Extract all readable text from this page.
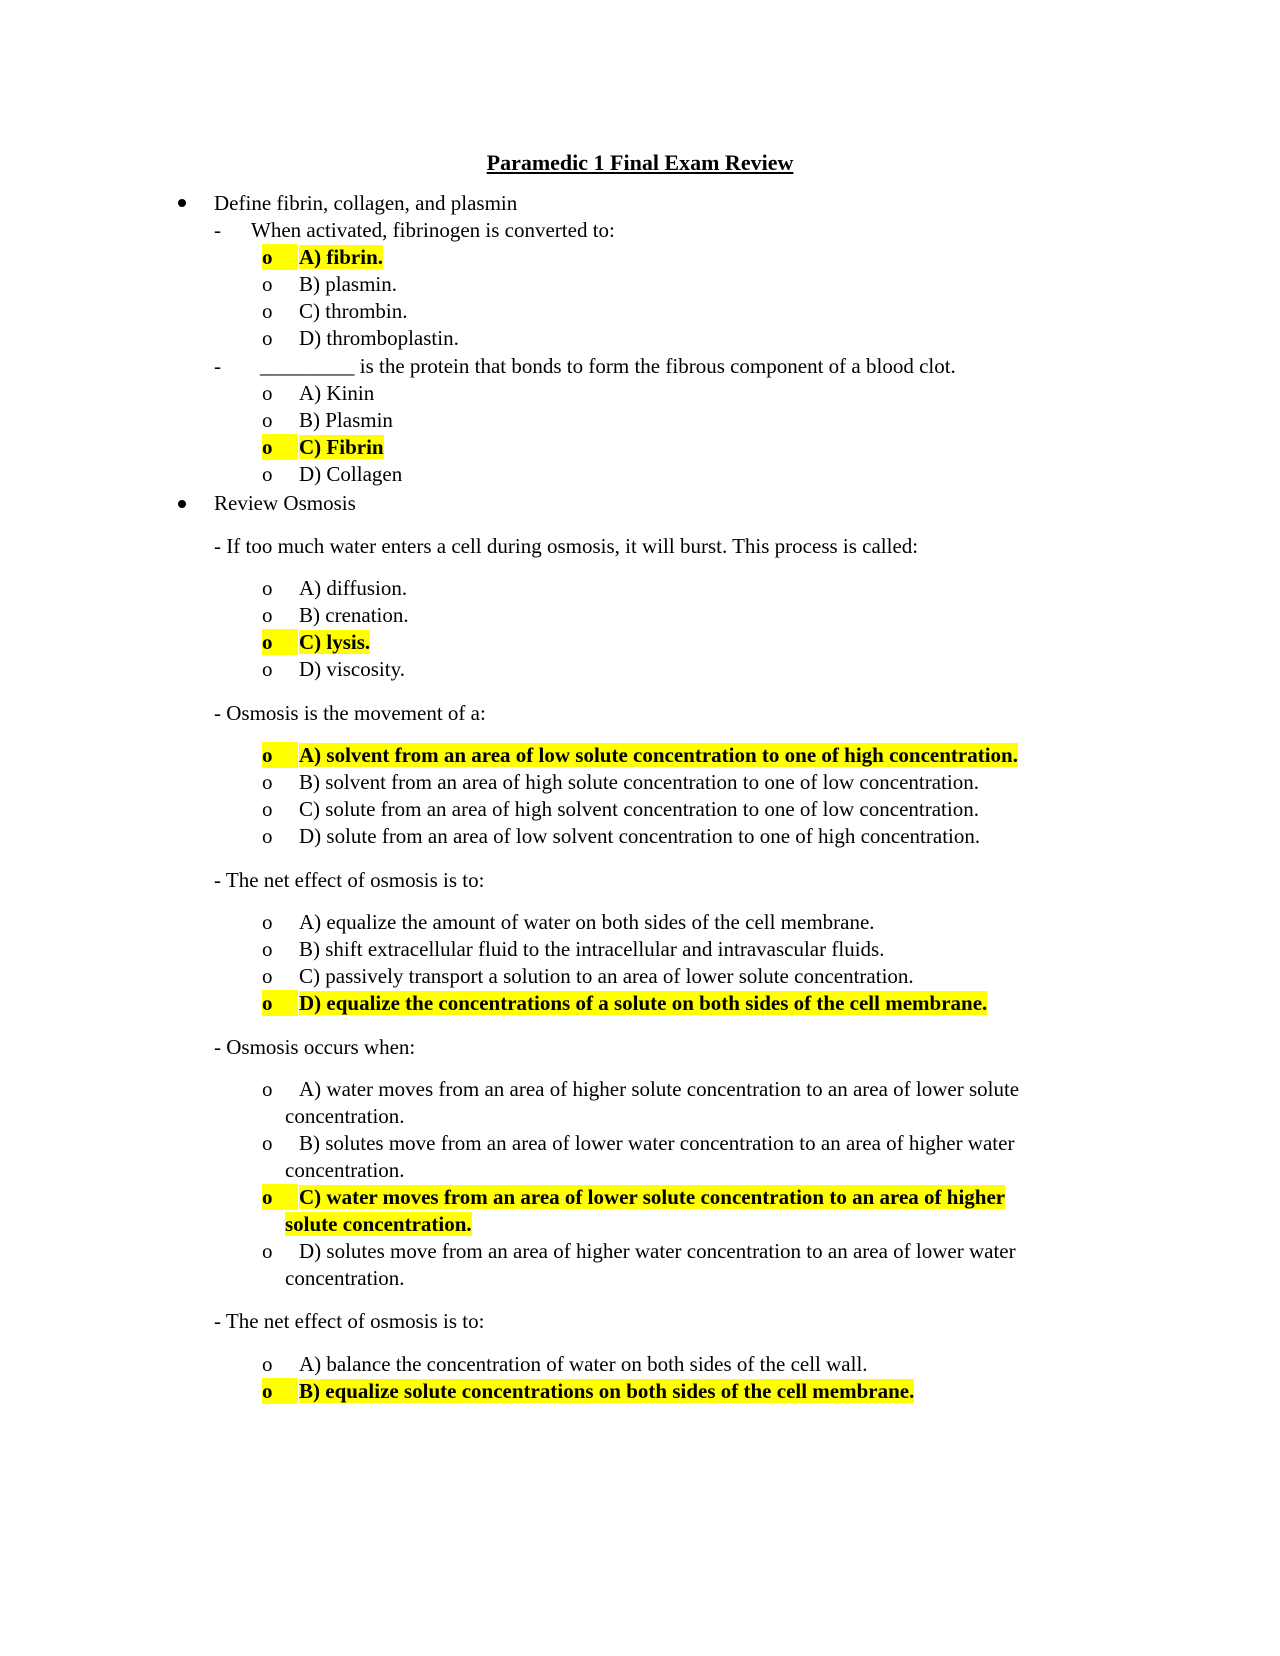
Paramedic 1 Final Exam Review
Define fibrin, collagen, and plasmin
- When activated, fibrinogen is converted to:
o	A) fibrin.
o	B) plasmin.
o	C) thrombin.
o	D) thromboplastin.
- _________ is the protein that bonds to form the fibrous component of a blood clot.
o	A) Kinin
o	B) Plasmin
o	C) Fibrin
o	D) Collagen
Review Osmosis
- If too much water enters a cell during osmosis, it will burst. This process is called:
o	A) diffusion.
o	B) crenation.
o	C) lysis.
o	D) viscosity.
- Osmosis is the movement of a:
o	A) solvent from an area of low solute concentration to one of high concentration.
o	B) solvent from an area of high solute concentration to one of low concentration.
o	C) solute from an area of high solvent concentration to one of low concentration.
o	D) solute from an area of low solvent concentration to one of high concentration.
- The net effect of osmosis is to:
o	A) equalize the amount of water on both sides of the cell membrane.
o	B) shift extracellular fluid to the intracellular and intravascular fluids.
o	C) passively transport a solution to an area of lower solute concentration.
o	D) equalize the concentrations of a solute on both sides of the cell membrane.
- Osmosis occurs when:
o	A) water moves from an area of higher solute concentration to an area of lower solute
concentration.
o	B) solutes move from an area of lower water concentration to an area of higher water
concentration.
o	C) water moves from an area of lower solute concentration to an area of higher
solute concentration.
o	D) solutes move from an area of higher water concentration to an area of lower water
concentration.
- The net effect of osmosis is to:
o	A) balance the concentration of water on both sides of the cell wall.
o	B) equalize solute concentrations on both sides of the cell membrane.
